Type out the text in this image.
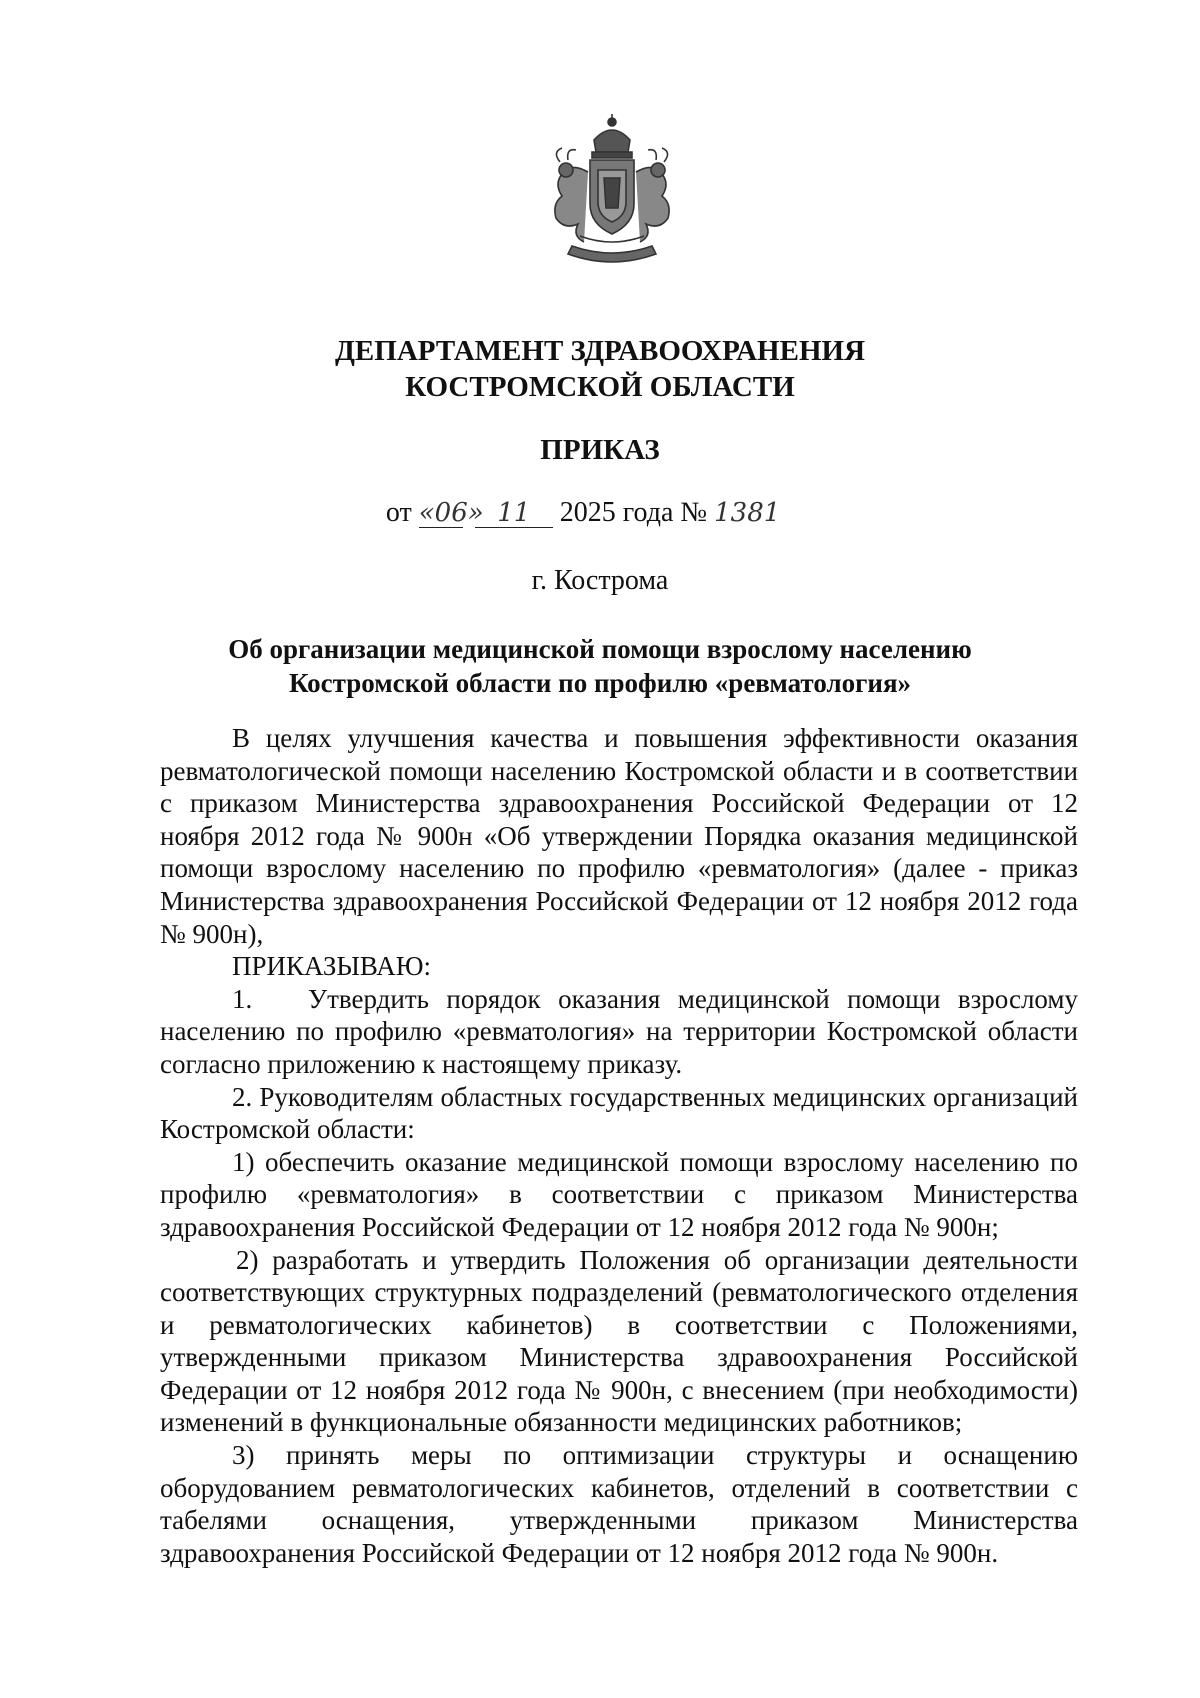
ДЕПАРТАМЕНТ ЗДРАВООХРАНЕНИЯ
КОСТРОМСКОЙ ОБЛАСТИ
ПРИКАЗ
от «06» 11 2025 года № 1381
г. Кострома
Об организации медицинской помощи взрослому населению
Костромской области по профилю «ревматология»

В целях улучшения качества и повышения эффективности оказания ревматологической помощи населению Костромской области и в соответствии с приказом Министерства здравоохранения Российской Федерации от 12 ноября 2012 года № 900н «Об утверждении Порядка оказания медицинской помощи взрослому населению по профилю «ревматология» (далее - приказ Министерства здравоохранения Российской Федерации от 12 ноября 2012 года № 900н),

ПРИКАЗЫВАЮ:

1. Утвердить порядок оказания медицинской помощи взрослому населению по профилю «ревматология» на территории Костромской области согласно приложению к настоящему приказу.

2. Руководителям областных государственных медицинских организаций Костромской области:

1) обеспечить оказание медицинской помощи взрослому населению по профилю «ревматология» в соответствии с приказом Министерства здравоохранения Российской Федерации от 12 ноября 2012 года № 900н;

2) разработать и утвердить Положения об организации деятельности соответствующих структурных подразделений (ревматологического отделения и ревматологических кабинетов) в соответствии с Положениями, утвержденными приказом Министерства здравоохранения Российской Федерации от 12 ноября 2012 года № 900н, с внесением (при необходимости) изменений в функциональные обязанности медицинских работников;

3) принять меры по оптимизации структуры и оснащению оборудованием ревматологических кабинетов, отделений в соответствии с табелями оснащения, утвержденными приказом Министерства здравоохранения Российской Федерации от 12 ноября 2012 года № 900н.
